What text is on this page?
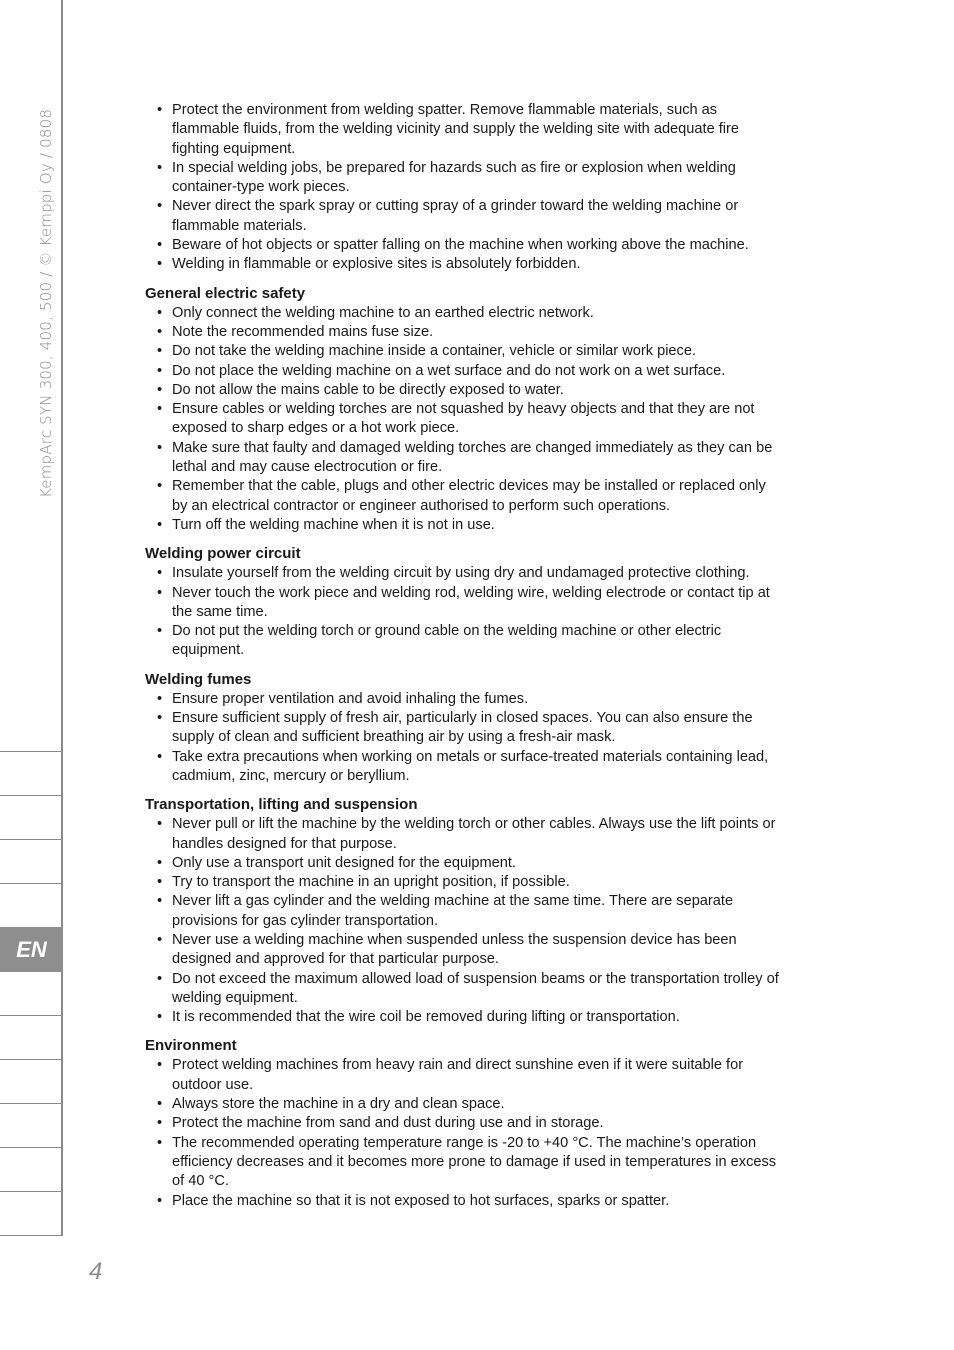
KempArc SYN 300, 400, 500 / © Kemppi Oy / 0808
EN
• Protect the environment from welding spatter. Remove flammable materials, such as flammable fluids, from the welding vicinity and supply the welding site with adequate fire fighting equipment.
• In special welding jobs, be prepared for hazards such as fire or explosion when welding container-type work pieces.
• Never direct the spark spray or cutting spray of a grinder toward the welding machine or flammable materials.
• Beware of hot objects or spatter falling on the machine when working above the machine.
• Welding in flammable or explosive sites is absolutely forbidden.
General electric safety
• Only connect the welding machine to an earthed electric network.
• Note the recommended mains fuse size.
• Do not take the welding machine inside a container, vehicle or similar work piece.
• Do not place the welding machine on a wet surface and do not work on a wet surface.
• Do not allow the mains cable to be directly exposed to water.
• Ensure cables or welding torches are not squashed by heavy objects and that they are not exposed to sharp edges or a hot work piece.
• Make sure that faulty and damaged welding torches are changed immediately as they can be lethal and may cause electrocution or fire.
• Remember that the cable, plugs and other electric devices may be installed or replaced only by an electrical contractor or engineer authorised to perform such operations.
• Turn off the welding machine when it is not in use.
Welding power circuit
• Insulate yourself from the welding circuit by using dry and undamaged protective clothing.
• Never touch the work piece and welding rod, welding wire, welding electrode or contact tip at the same time.
• Do not put the welding torch or ground cable on the welding machine or other electric equipment.
Welding fumes
• Ensure proper ventilation and avoid inhaling the fumes.
• Ensure sufficient supply of fresh air, particularly in closed spaces. You can also ensure the supply of clean and sufficient breathing air by using a fresh-air mask.
• Take extra precautions when working on metals or surface-treated materials containing lead, cadmium, zinc, mercury or beryllium.
Transportation, lifting and suspension
• Never pull or lift the machine by the welding torch or other cables. Always use the lift points or handles designed for that purpose.
• Only use a transport unit designed for the equipment.
• Try to transport the machine in an upright position, if possible.
• Never lift a gas cylinder and the welding machine at the same time. There are separate provisions for gas cylinder transportation.
• Never use a welding machine when suspended unless the suspension device has been designed and approved for that particular purpose.
• Do not exceed the maximum allowed load of suspension beams or the transportation trolley of welding equipment.
• It is recommended that the wire coil be removed during lifting or transportation.
Environment
• Protect welding machines from heavy rain and direct sunshine even if it were suitable for outdoor use.
• Always store the machine in a dry and clean space.
• Protect the machine from sand and dust during use and in storage.
• The recommended operating temperature range is -20 to +40 °C. The machine’s operation efficiency decreases and it becomes more prone to damage if used in temperatures in excess of 40 °C.
• Place the machine so that it is not exposed to hot surfaces, sparks or spatter.
4
